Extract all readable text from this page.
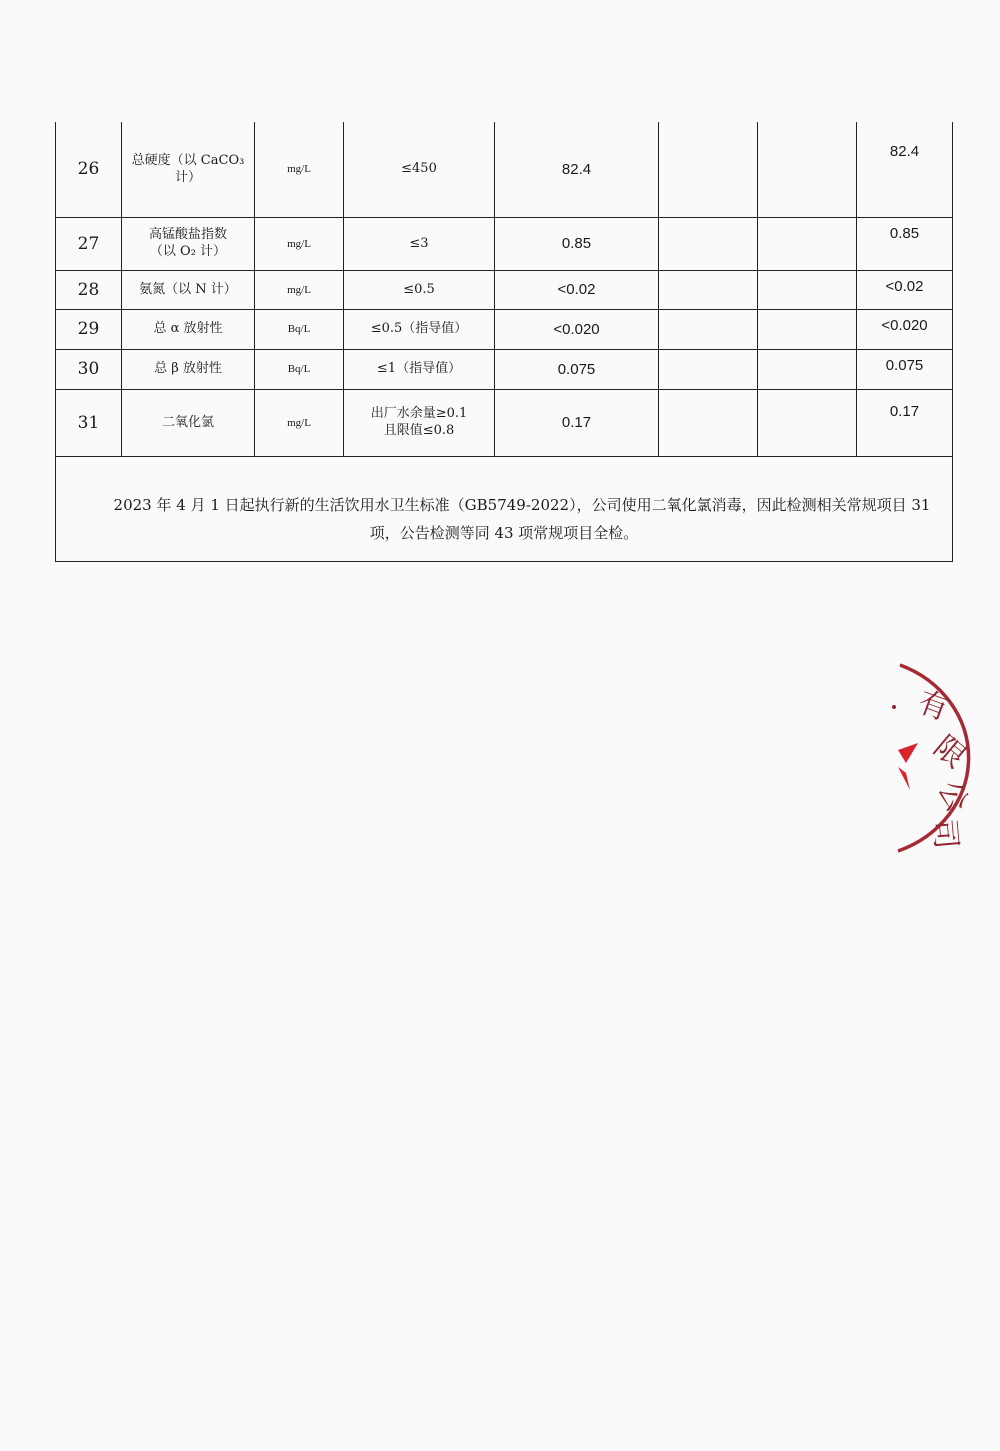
26	总硬度（以 CaCO₃
计）	mg/L	≤450	82.4			82.4
27	高锰酸盐指数
（以 O₂ 计）	mg/L	≤3	0.85			0.85
28	氨氮（以 N 计）	mg/L	≤0.5	<0.02			<0.02
29	总 α 放射性	Bq/L	≤0.5（指导值）	<0.020			<0.020
30	总 β 放射性	Bq/L	≤1（指导值）	0.075			0.075
31	二氧化氯	mg/L	出厂水余量≥0.1
且限值≤0.8	0.17			0.17

2023 年 4 月 1 日起执行新的生活饮用水卫生标准（GB5749-2022），公司使用二氧化氯消毒，因此检测相关常规项目 31 项，公告检测等同 43 项常规项目全检。							
有
限
公
司
